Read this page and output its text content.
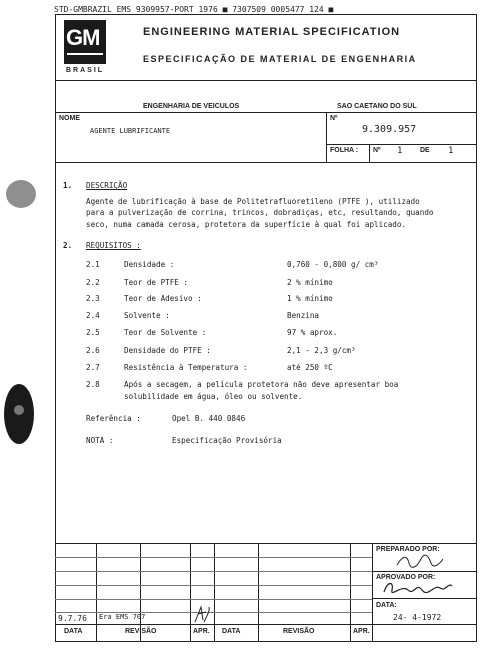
STD-GMBRAZIL EMS 9309957-PORT 1976 ■ 7307509 0005477 124 ■
GM
BRASIL
ENGINEERING MATERIAL SPECIFICATION
ESPECIFICAÇÃO DE MATERIAL DE ENGENHARIA
ENGENHARIA DE VEICULOS	SAO CAETANO DO SUL
NOME
AGENTE LUBRIFICANTE
Nº
9.309.957
FOLHA : Nº 1	DE 1
1. DESCRIÇÃO
Agente de lubrificação à base de Politetrafluoretileno (PTFE ), utilizado
para a pulverização de corrina, trincos, dobradiças, etc, resultando, quando
seco, numa camada cerosa, protetora da superfície à qual foi aplicado.
2. REQUISITOS :
2.1	Densidade :	0,760 - 0,800 g/ cm³
2.2	Teor de PTFE :	2 % mínimo
2.3	Teor de Adesivo :	1 % mínimo
2.4	Solvente :	Benzina
2.5	Teor de Solvente :	97 % aprox.
2.6	Densidade do PTFE :	2,1 - 2,3 g/cm³
2.7	Resistência à Temperatura :	até 250 ºC
2.8	Após a secagem, a película protetora não deve apresentar boa
solubilidade em água, óleo ou solvente.
Referência :	Opel B. 440 0846
NOTA :	Especificação Provisória
PREPARADO POR:
APROVADO POR:
DATA:
24- 4-1972
9.7.76 Era EMS 707
DATA	REVISÃO	APR. DATA	REVISÃO	APR.
